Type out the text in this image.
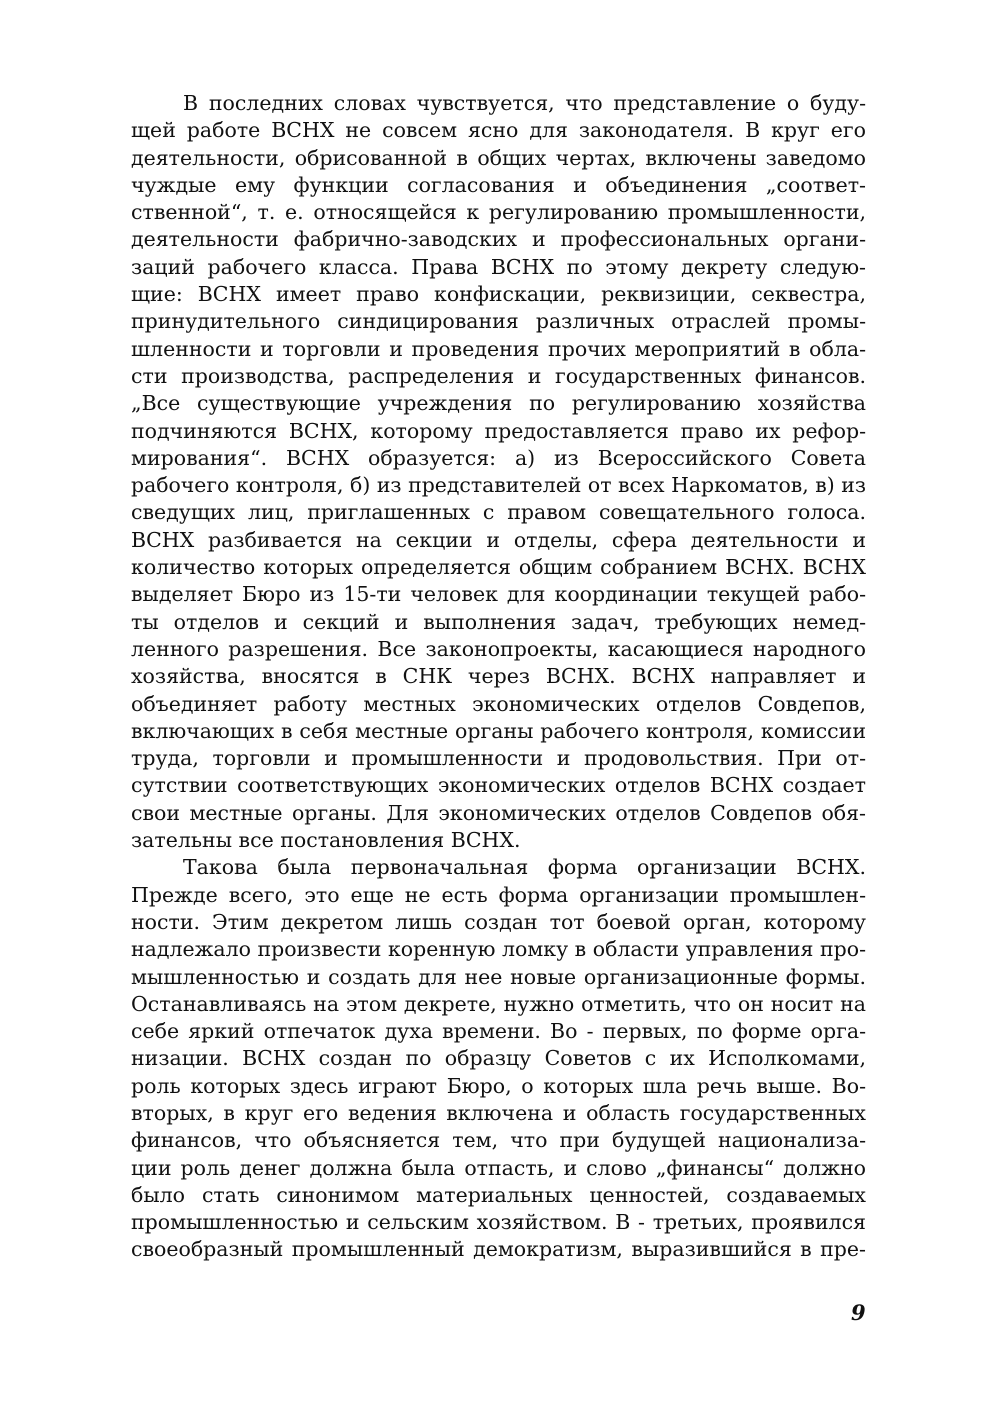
В последних словах чувствуется, что представление о буду-
щей работе ВСНХ не совсем ясно для законодателя. В круг его
деятельности, обрисованной в общих чертах, включены заведомо
чуждые ему функции согласования и объединения „соответ-
ственной“, т. е. относящейся к регулированию промышленности,
деятельности фабрично-заводских и профессиональных органи-
заций рабочего класса. Права ВСНХ по этому декрету следую-
щие: ВСНХ имеет право конфискации, реквизиции, секвестра,
принудительного синдицирования различных отраслей промы-
шленности и торговли и проведения прочих мероприятий в обла-
сти производства, распределения и государственных финансов.
„Все существующие учреждения по регулированию хозяйства
подчиняются ВСНХ, которому предоставляется право их рефор-
мирования“. ВСНХ образуется: а) из Всероссийского Совета
рабочего контроля, б) из представителей от всех Наркоматов, в) из
сведущих лиц, приглашенных с правом совещательного голоса.
ВСНХ разбивается на секции и отделы, сфера деятельности и
количество которых определяется общим собранием ВСНХ. ВСНХ
выделяет Бюро из 15-ти человек для координации текущей рабо-
ты отделов и секций и выполнения задач, требующих немед-
ленного разрешения. Все законопроекты, касающиеся народного
хозяйства, вносятся в СНК через ВСНХ. ВСНХ направляет и
объединяет работу местных экономических отделов Совдепов,
включающих в себя местные органы рабочего контроля, комиссии
труда, торговли и промышленности и продовольствия. При от-
сутствии соответствующих экономических отделов ВСНХ создает
свои местные органы. Для экономических отделов Совдепов обя-
зательны все постановления ВСНХ.
Такова была первоначальная форма организации ВСНХ.
Прежде всего, это еще не есть форма организации промышлен-
ности. Этим декретом лишь создан тот боевой орган, которому
надлежало произвести коренную ломку в области управления про-
мышленностью и создать для нее новые организационные формы.
Останавливаясь на этом декрете, нужно отметить, что он носит на
себе яркий отпечаток духа времени. Во - первых, по форме орга-
низации. ВСНХ создан по образцу Советов с их Исполкомами,
роль которых здесь играют Бюро, о которых шла речь выше. Во-
вторых, в круг его ведения включена и область государственных
финансов, что объясняется тем, что при будущей национализа-
ции роль денег должна была отпасть, и слово „финансы“ должно
было стать синонимом материальных ценностей, создаваемых
промышленностью и сельским хозяйством. В - третьих, проявился
своеобразный промышленный демократизм, выразившийся в пре-
9
